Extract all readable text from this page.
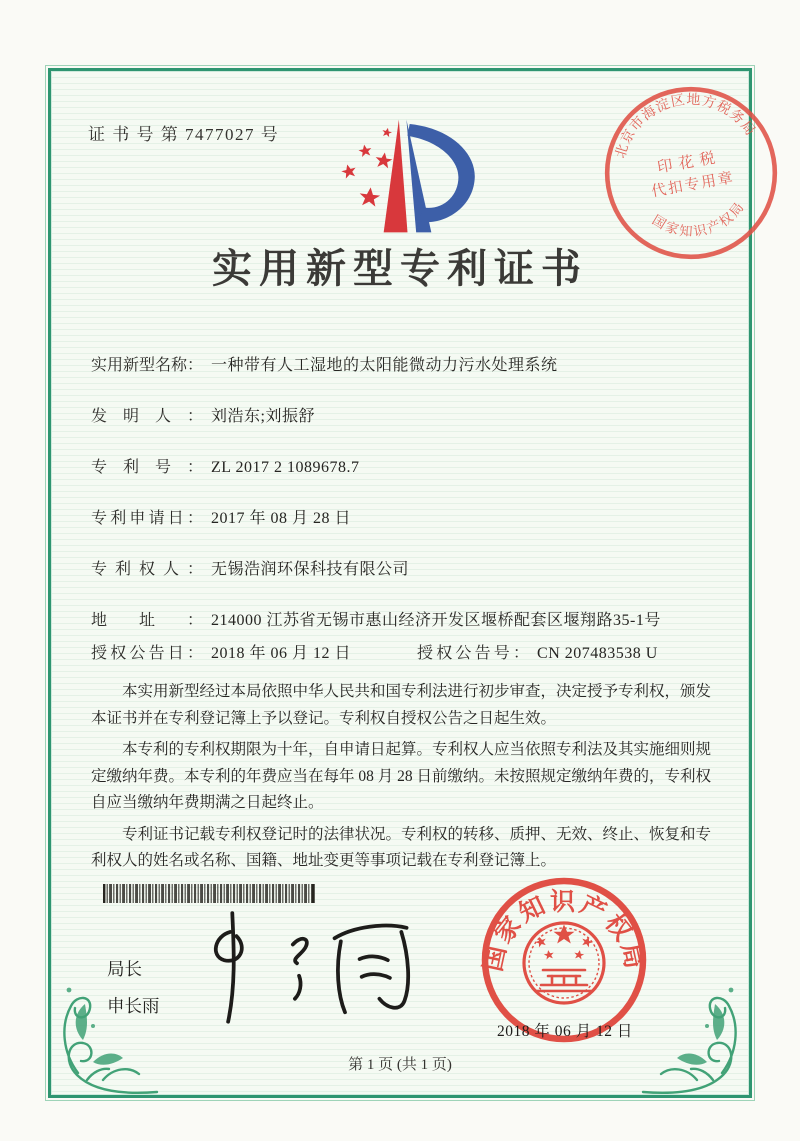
证 书 号 第 7477027 号
北京市海淀区地方税务局
国家知识产权局
印花税
代扣专用章
实用新型专利证书
实用新型名称： 一种带有人工湿地的太阳能微动力污水处理系统
发明人： 刘浩东;刘振舒
专利号： ZL 2017 2 1089678.7
专利申请日： 2017 年 08 月 28 日
专利权人： 无锡浩润环保科技有限公司
地址： 214000 江苏省无锡市惠山经济开发区堰桥配套区堰翔路35-1号
授权公告日： 2018 年 06 月 12 日	授权公告号： CN 207483538 U

本实用新型经过本局依照中华人民共和国专利法进行初步审查，决定授予专利权，颁发本证书并在专利登记簿上予以登记。专利权自授权公告之日起生效。

本专利的专利权期限为十年，自申请日起算。专利权人应当依照专利法及其实施细则规定缴纳年费。本专利的年费应当在每年 08 月 28 日前缴纳。未按照规定缴纳年费的，专利权自应当缴纳年费期满之日起终止。

专利证书记载专利权登记时的法律状况。专利权的转移、质押、无效、终止、恢复和专利权人的姓名或名称、国籍、地址变更等事项记载在专利登记簿上。

局长
申长雨
国家知识产权局
2018 年 06 月 12 日
第 1 页 (共 1 页)
